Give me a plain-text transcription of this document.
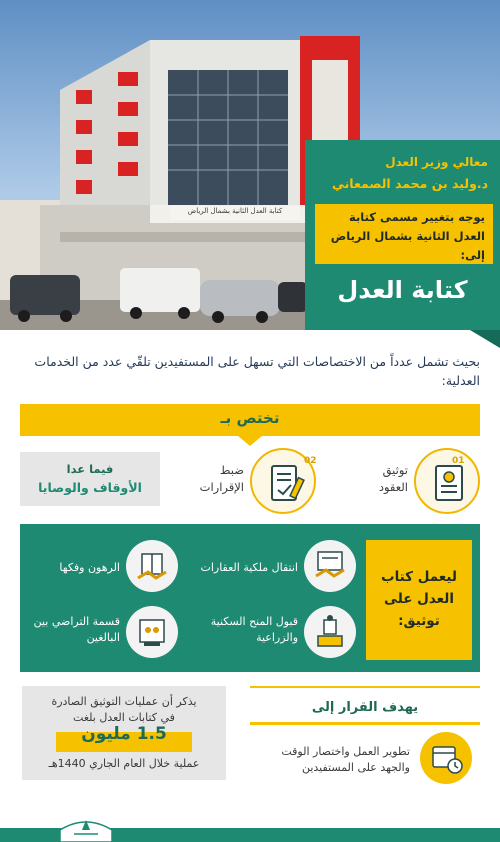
كتابة العدل الثانية بشمال الرياض
معالي وزير العدل
د.وليد بن محمد الصمعاني
يوجه بتغيير مسمى كتابة العدل الثانية بشمال الرياض إلى:
كتابة العدل
بحيث تشمل عدداً من الاختصاصات التي تسهل على المستفيدين تلقّي عدد من الخدمات العدلية:
تختص بـ
01
توثيق
العقود
02
ضبط
الإقرارات
فيما عدا
الأوقاف والوصايا
ليعمل كتاب العدل على توثيق:
انتقال ملكية العقارات
الرهون وفكها
قبول المنح السكنية والزراعية
قسمة التراضي بين البالغين
يذكر أن عمليات التوثيق الصادرة
في كتابات العدل بلغت
1.5 مليون
عملية خلال العام الجاري 1440هـ
يهدف القرار إلى
تطوير العمل واختصار الوقت والجهد على المستفيدين
